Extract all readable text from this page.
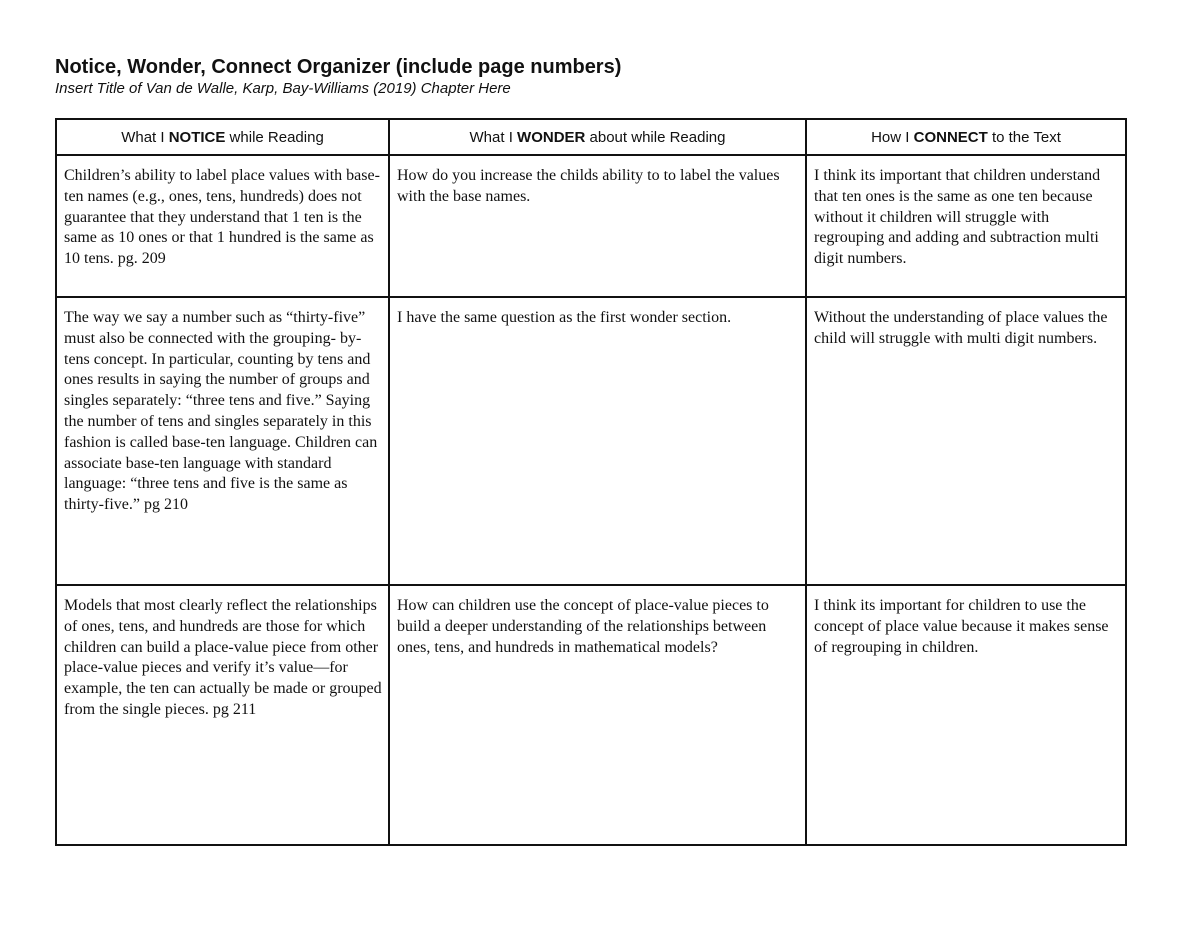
Notice, Wonder, Connect Organizer (include page numbers)
Insert Title of Van de Walle, Karp, Bay-Williams (2019) Chapter Here
What I NOTICE while Reading	What I WONDER about while Reading	How I CONNECT to the Text
Children’s ability to label place values with base-ten names (e.g., ones, tens, hundreds) does not guarantee that they understand that 1 ten is the same as 10 ones or that 1 hundred is the same as 10 tens. pg. 209	How do you increase the childs ability to to label the values with the base names.	I think its important that children understand that ten ones is the same as one ten because without it children will struggle with regrouping and adding and subtraction multi digit numbers.
The way we say a number such as “thirty-five” must also be connected with the grouping- by-tens concept. In particular, counting by tens and ones results in saying the number of groups and singles separately: “three tens and five.” Saying the number of tens and singles separately in this fashion is called base-ten language. Children can associate base-ten language with standard language: “three tens and five is the same as thirty-five.” pg 210	I have the same question as the first wonder section.	Without the understanding of place values the child will struggle with multi digit numbers.
Models that most clearly reflect the relationships of ones, tens, and hundreds are those for which children can build a place-value piece from other place-value pieces and verify it’s value—for example, the ten can actually be made or grouped from the single pieces. pg 211	How can children use the concept of place-value pieces to build a deeper understanding of the relationships between ones, tens, and hundreds in mathematical models?	I think its important for children to use the concept of place value because it makes sense of regrouping in children.
